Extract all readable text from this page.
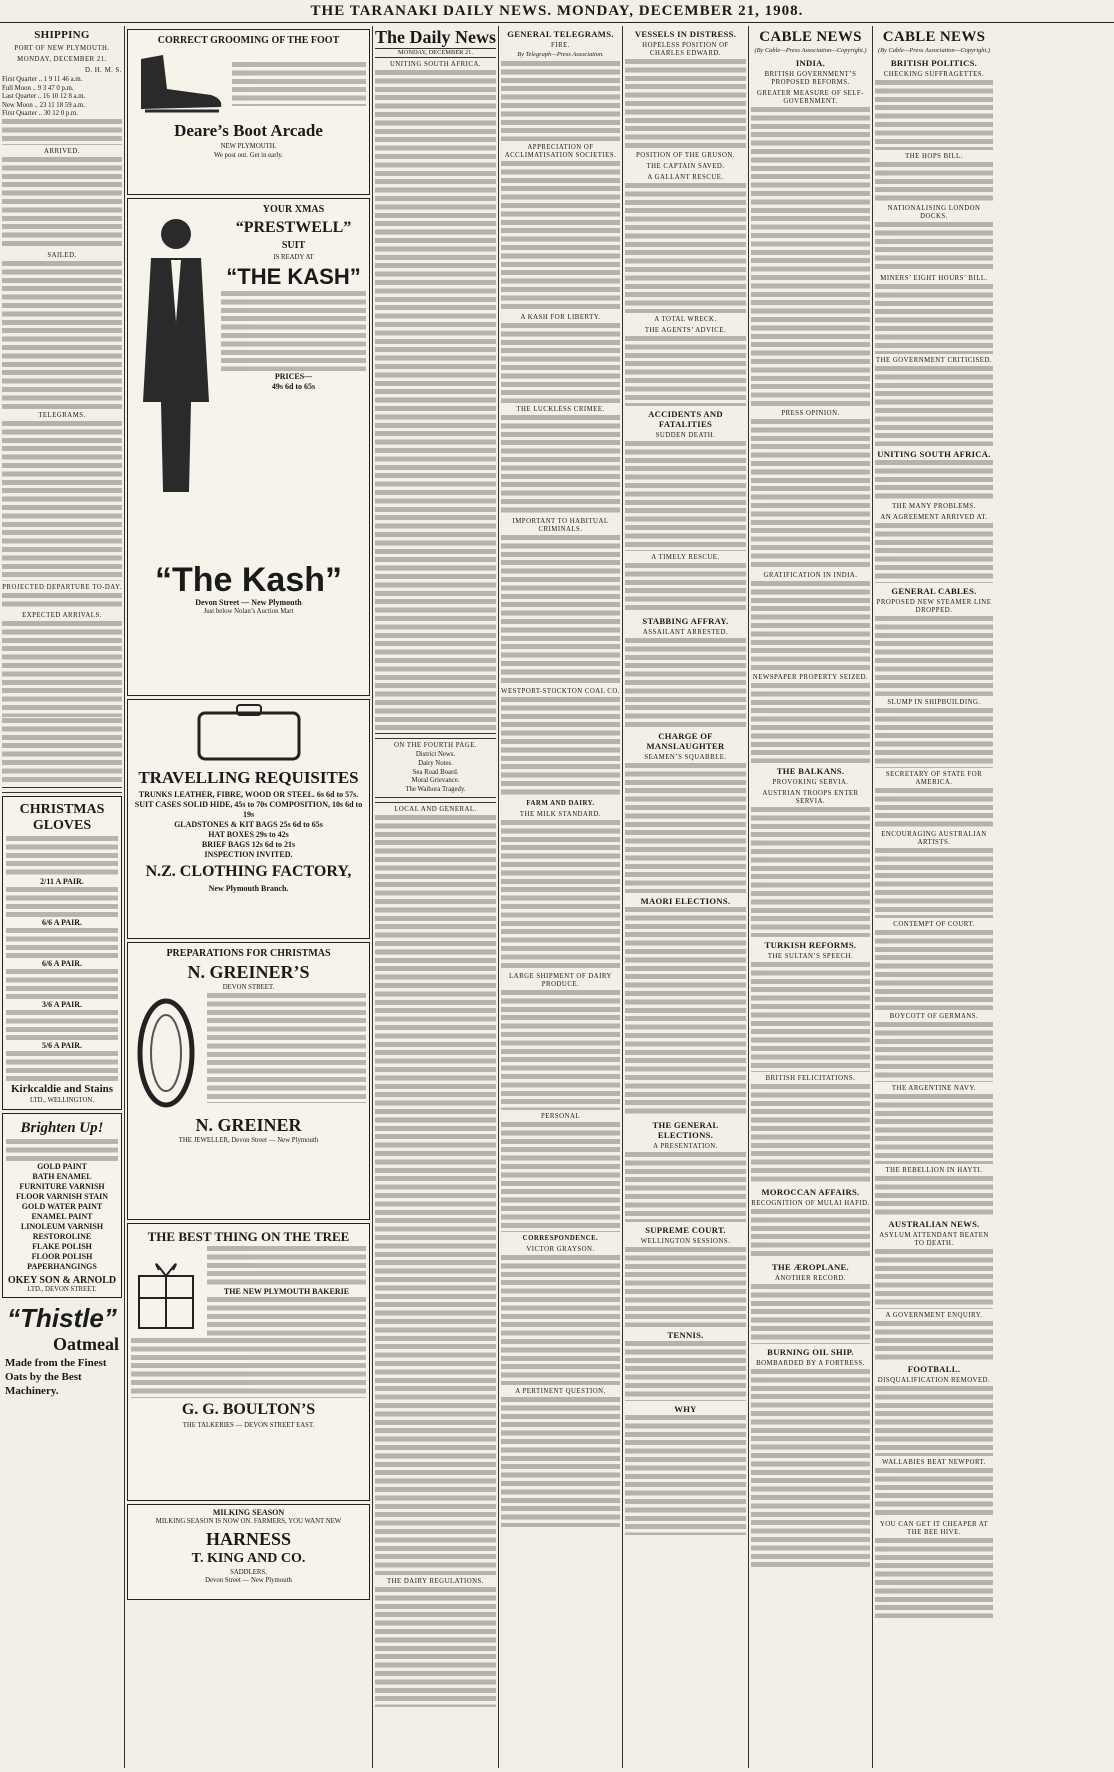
THE TARANAKI DAILY NEWS. MONDAY, DECEMBER 21, 1908.
SHIPPING
PORT OF NEW PLYMOUTH.
MONDAY, DECEMBER 21.
D. H. M. S.
First Quarter .. 1 9 11 46 a.m.
Full Moon .. 9 3 47 0 p.m.
Last Quarter .. 16 10 12 8 a.m.
New Moon .. 23 11 18 59 a.m.
First Quarter .. 30 12 0 p.m.

ARRIVED.

SAILED.

TELEGRAMS.

PROJECTED DEPARTURE TO-DAY.

EXPECTED ARRIVALS.

CHRISTMAS GLOVES

2/11 A PAIR.

6/6 A PAIR.

6/6 A PAIR.

3/6 A PAIR.

5/6 A PAIR.

Kirkcaldie and Stains
LTD., WELLINGTON.
Brighten Up!

GOLD PAINT
BATH ENAMEL
FURNITURE VARNISH
FLOOR VARNISH STAIN
GOLD WATER PAINT
ENAMEL PAINT
LINOLEUM VARNISH
RESTOROLINE
FLAKE POLISH
FLOOR POLISH
PAPERHANGINGS
OKEY SON & ARNOLD
LTD., DEVON STREET.
“Thistle”
Oatmeal
Made from the Finest Oats by the Best Machinery.
CORRECT GROOMING OF THE FOOT

Deare’s Boot Arcade
NEW PLYMOUTH.
We post out. Get in early.
YOUR XMAS
“PRESTWELL”
SUIT
IS READY AT
“THE KASH”

PRICES—
49s 6d to 65s
“The Kash”
Devon Street — New Plymouth
Just below Nolan’s Auction Mart
TRAVELLING REQUISITES
TRUNKS LEATHER, FIBRE, WOOD OR STEEL. 6s 6d to 57s.
SUIT CASES SOLID HIDE, 45s to 70s COMPOSITION, 10s 6d to 19s
GLADSTONES & KIT BAGS 25s 6d to 65s
HAT BOXES 29s to 42s
BRIEF BAGS 12s 6d to 21s
INSPECTION INVITED.
N.Z. CLOTHING FACTORY,
New Plymouth Branch.
PREPARATIONS FOR CHRISTMAS
N. GREINER’S
DEVON STREET.

N. GREINER
THE JEWELLER, Devon Street — New Plymouth
THE BEST THING ON THE TREE

THE NEW PLYMOUTH BAKERIE

G. G. BOULTON’S
THE TALKERIES — DEVON STREET EAST.
MILKING SEASON
MILKING SEASON IS NOW ON. FARMERS, YOU WANT NEW
HARNESS
T. KING AND CO.
SADDLERS,
Devon Street — New Plymouth
The Daily News
MONDAY, DECEMBER 21.
UNITING SOUTH AFRICA.

ON THE FOURTH PAGE.
District News.
Dairy Notes.
Sea Road Board.
Moral Grievance.
The Waihora Tragedy.
LOCAL AND GENERAL.

THE DAIRY REGULATIONS.

GENERAL TELEGRAMS.
FIRE.
By Telegraph—Press Association.

APPRECIATION OF ACCLIMATISATION SOCIETIES.

A KASH FOR LIBERTY.

THE LUCKLESS CRIMEE.

IMPORTANT TO HABITUAL CRIMINALS.

WESTPORT-STOCKTON COAL CO.

FARM AND DAIRY.
THE MILK STANDARD.

LARGE SHIPMENT OF DAIRY PRODUCE.

PERSONAL

CORRESPONDENCE.
VICTOR GRAYSON.

A PERTINENT QUESTION.

VESSELS IN DISTRESS.
HOPELESS POSITION OF CHARLES EDWARD.

POSITION OF THE GRUSON.
THE CAPTAIN SAVED.
A GALLANT RESCUE.

A TOTAL WRECK.
THE AGENTS’ ADVICE.

ACCIDENTS AND FATALITIES
SUDDEN DEATH.

A TIMELY RESCUE.

STABBING AFFRAY.
ASSAILANT ARRESTED.

CHARGE OF MANSLAUGHTER
SEAMEN’S SQUABBLE.

MAORI ELECTIONS.

THE GENERAL ELECTIONS.
A PRESENTATION.

SUPREME COURT.
WELLINGTON SESSIONS.

TENNIS.

WHY

CABLE NEWS
(By Cable—Press Association—Copyright.)
INDIA.
BRITISH GOVERNMENT’S PROPOSED REFORMS.
GREATER MEASURE OF SELF-GOVERNMENT.

PRESS OPINION.

GRATIFICATION IN INDIA.

NEWSPAPER PROPERTY SEIZED.

THE BALKANS.
PROVOKING SERVIA.
AUSTRIAN TROOPS ENTER SERVIA.

TURKISH REFORMS.
THE SULTAN’S SPEECH.

BRITISH FELICITATIONS.

MOROCCAN AFFAIRS.
RECOGNITION OF MULAI HAFID.

THE ÆROPLANE.
ANOTHER RECORD.

BURNING OIL SHIP.
BOMBARDED BY A FORTRESS.

CABLE NEWS
(By Cable—Press Association—Copyright.)
BRITISH POLITICS.
CHECKING SUFFRAGETTES.

THE HOPS BILL.

NATIONALISING LONDON DOCKS.

MINERS’ EIGHT HOURS’ BILL.

THE GOVERNMENT CRITICISED.

UNITING SOUTH AFRICA.

THE MANY PROBLEMS.
AN AGREEMENT ARRIVED AT.

GENERAL CABLES.
PROPOSED NEW STEAMER LINE DROPPED.

SLUMP IN SHIPBUILDING.

SECRETARY OF STATE FOR AMERICA.

ENCOURAGING AUSTRALIAN ARTISTS.

CONTEMPT OF COURT.

BOYCOTT OF GERMANS.

THE ARGENTINE NAVY.

THE REBELLION IN HAYTI.

AUSTRALIAN NEWS.
ASYLUM ATTENDANT BEATEN TO DEATH.

A GOVERNMENT ENQUIRY.

FOOTBALL.
DISQUALIFICATION REMOVED.

WALLABIES BEAT NEWPORT.

YOU CAN GET IT CHEAPER AT THE BEE HIVE.
